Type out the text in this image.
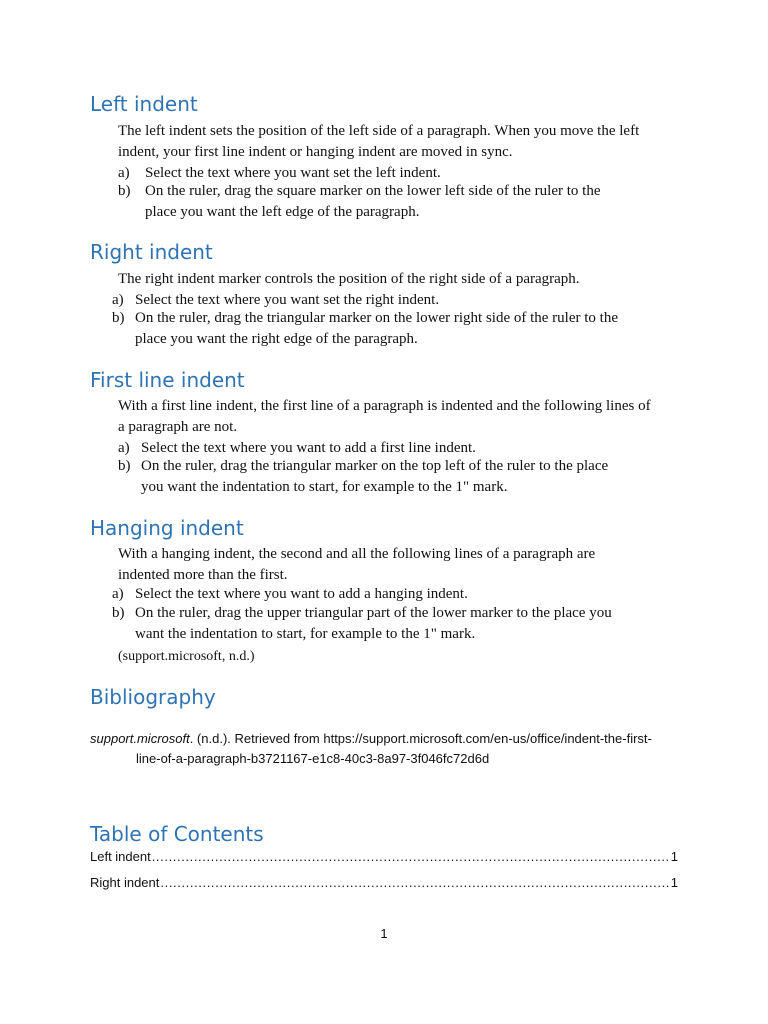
Left indent

The left indent sets the position of the left side of a paragraph. When you move the left indent, your first line indent or hanging indent are moved in sync.

a)	Select the text where you want set the left indent.
b) On the ruler, drag the square marker on the lower left side of the ruler to the place you want the left edge of the paragraph.
Right indent

The right indent marker controls the position of the right side of a paragraph.

a) Select the text where you want set the right indent.
b) On the ruler, drag the triangular marker on the lower right side of the ruler to the place you want the right edge of the paragraph.
First line indent

With a first line indent, the first line of a paragraph is indented and the following lines of a paragraph are not.

a) Select the text where you want to add a first line indent.
b) On the ruler, drag the triangular marker on the top left of the ruler to the place you want the indentation to start, for example to the 1" mark.
Hanging indent

With a hanging indent, the second and all the following lines of a paragraph are indented more than the first.

a) Select the text where you want to add a hanging indent.
b) On the ruler, drag the upper triangular part of the lower marker to the place you want the indentation to start, for example to the 1" mark.
(support.microsoft, n.d.)
Bibliography
support.microsoft. (n.d.). Retrieved from https://support.microsoft.com/en-us/office/indent-the-first-
line-of-a-paragraph-b3721167-e1c8-40c3-8a97-3f046fc72d6d
Table of Contents
Left indent .....	1
Right indent .....	1
1
